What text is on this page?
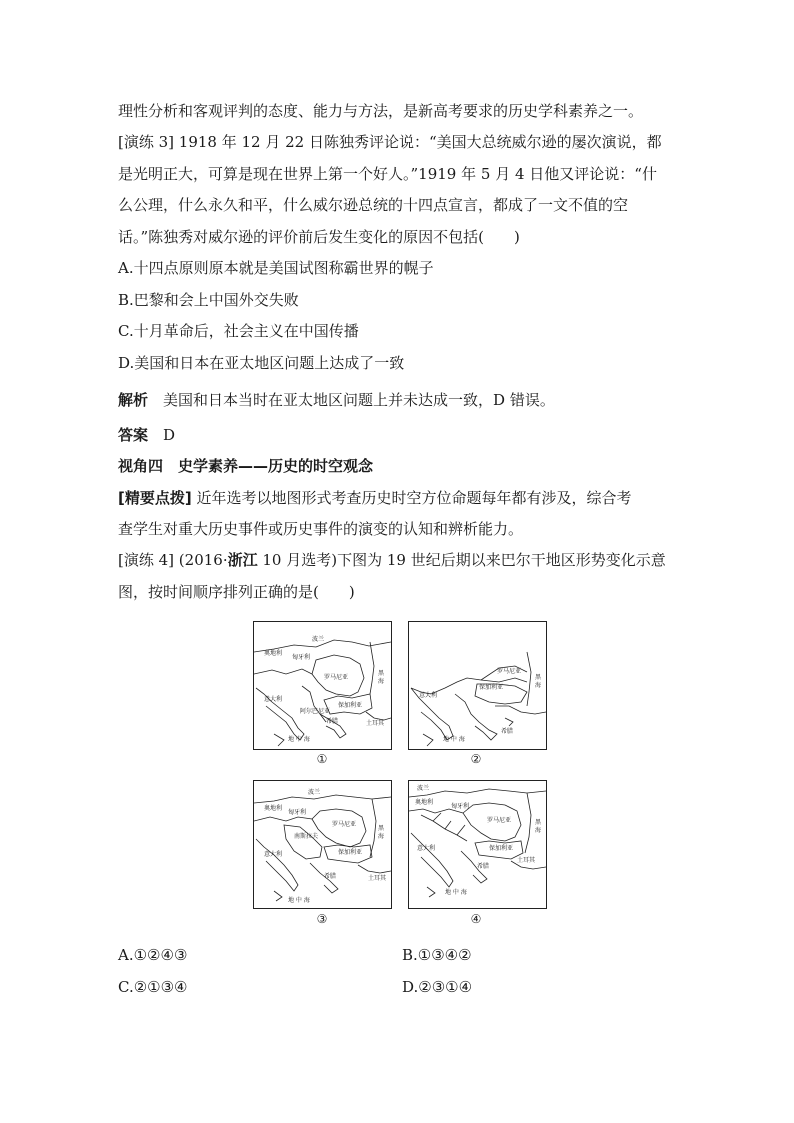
理性分析和客观评判的态度、能力与方法，是新高考要求的历史学科素养之一。
[演练 3] 1918 年 12 月 22 日陈独秀评论说：“美国大总统威尔逊的屡次演说，都
是光明正大，可算是现在世界上第一个好人。”1919 年 5 月 4 日他又评论说：“什
么公理，什么永久和平，什么威尔逊总统的十四点宣言，都成了一文不值的空
话。”陈独秀对威尔逊的评价前后发生变化的原因不包括(　　)
A.十四点原则原本就是美国试图称霸世界的幌子
B.巴黎和会上中国外交失败
C.十月革命后，社会主义在中国传播
D.美国和日本在亚太地区问题上达成了一致
解析　美国和日本当时在亚太地区问题上并未达成一致，D 错误。
答案　D
视角四　史学素养——历史的时空观念
[精要点拨] 近年选考以地图形式考查历史时空方位命题每年都有涉及，综合考
查学生对重大历史事件或历史事件的演变的认知和辨析能力。
[演练 4] (2016·浙江 10 月选考)下图为 19 世纪后期以来巴尔干地区形势变化示意
图，按时间顺序排列正确的是(　　)
波兰
奥地利
匈牙利
罗马尼亚
保加利亚
意大利
阿尔巴尼亚
希腊	土耳其
黑海
地 中 海
①
罗马尼亚
保加利亚
意大利
希腊
黑海
地 中 海
②
波兰
奥地利
匈牙利
罗马尼亚
南斯拉夫
保加利亚
意大利
希腊	土耳其
黑海
地 中 海
③
波兰
奥地利
匈牙利
罗马尼亚
保加利亚
意大利
希腊
土耳其
黑海
地 中 海
④
A.①②④③	B.①③④②
C.②①③④	D.②③①④
